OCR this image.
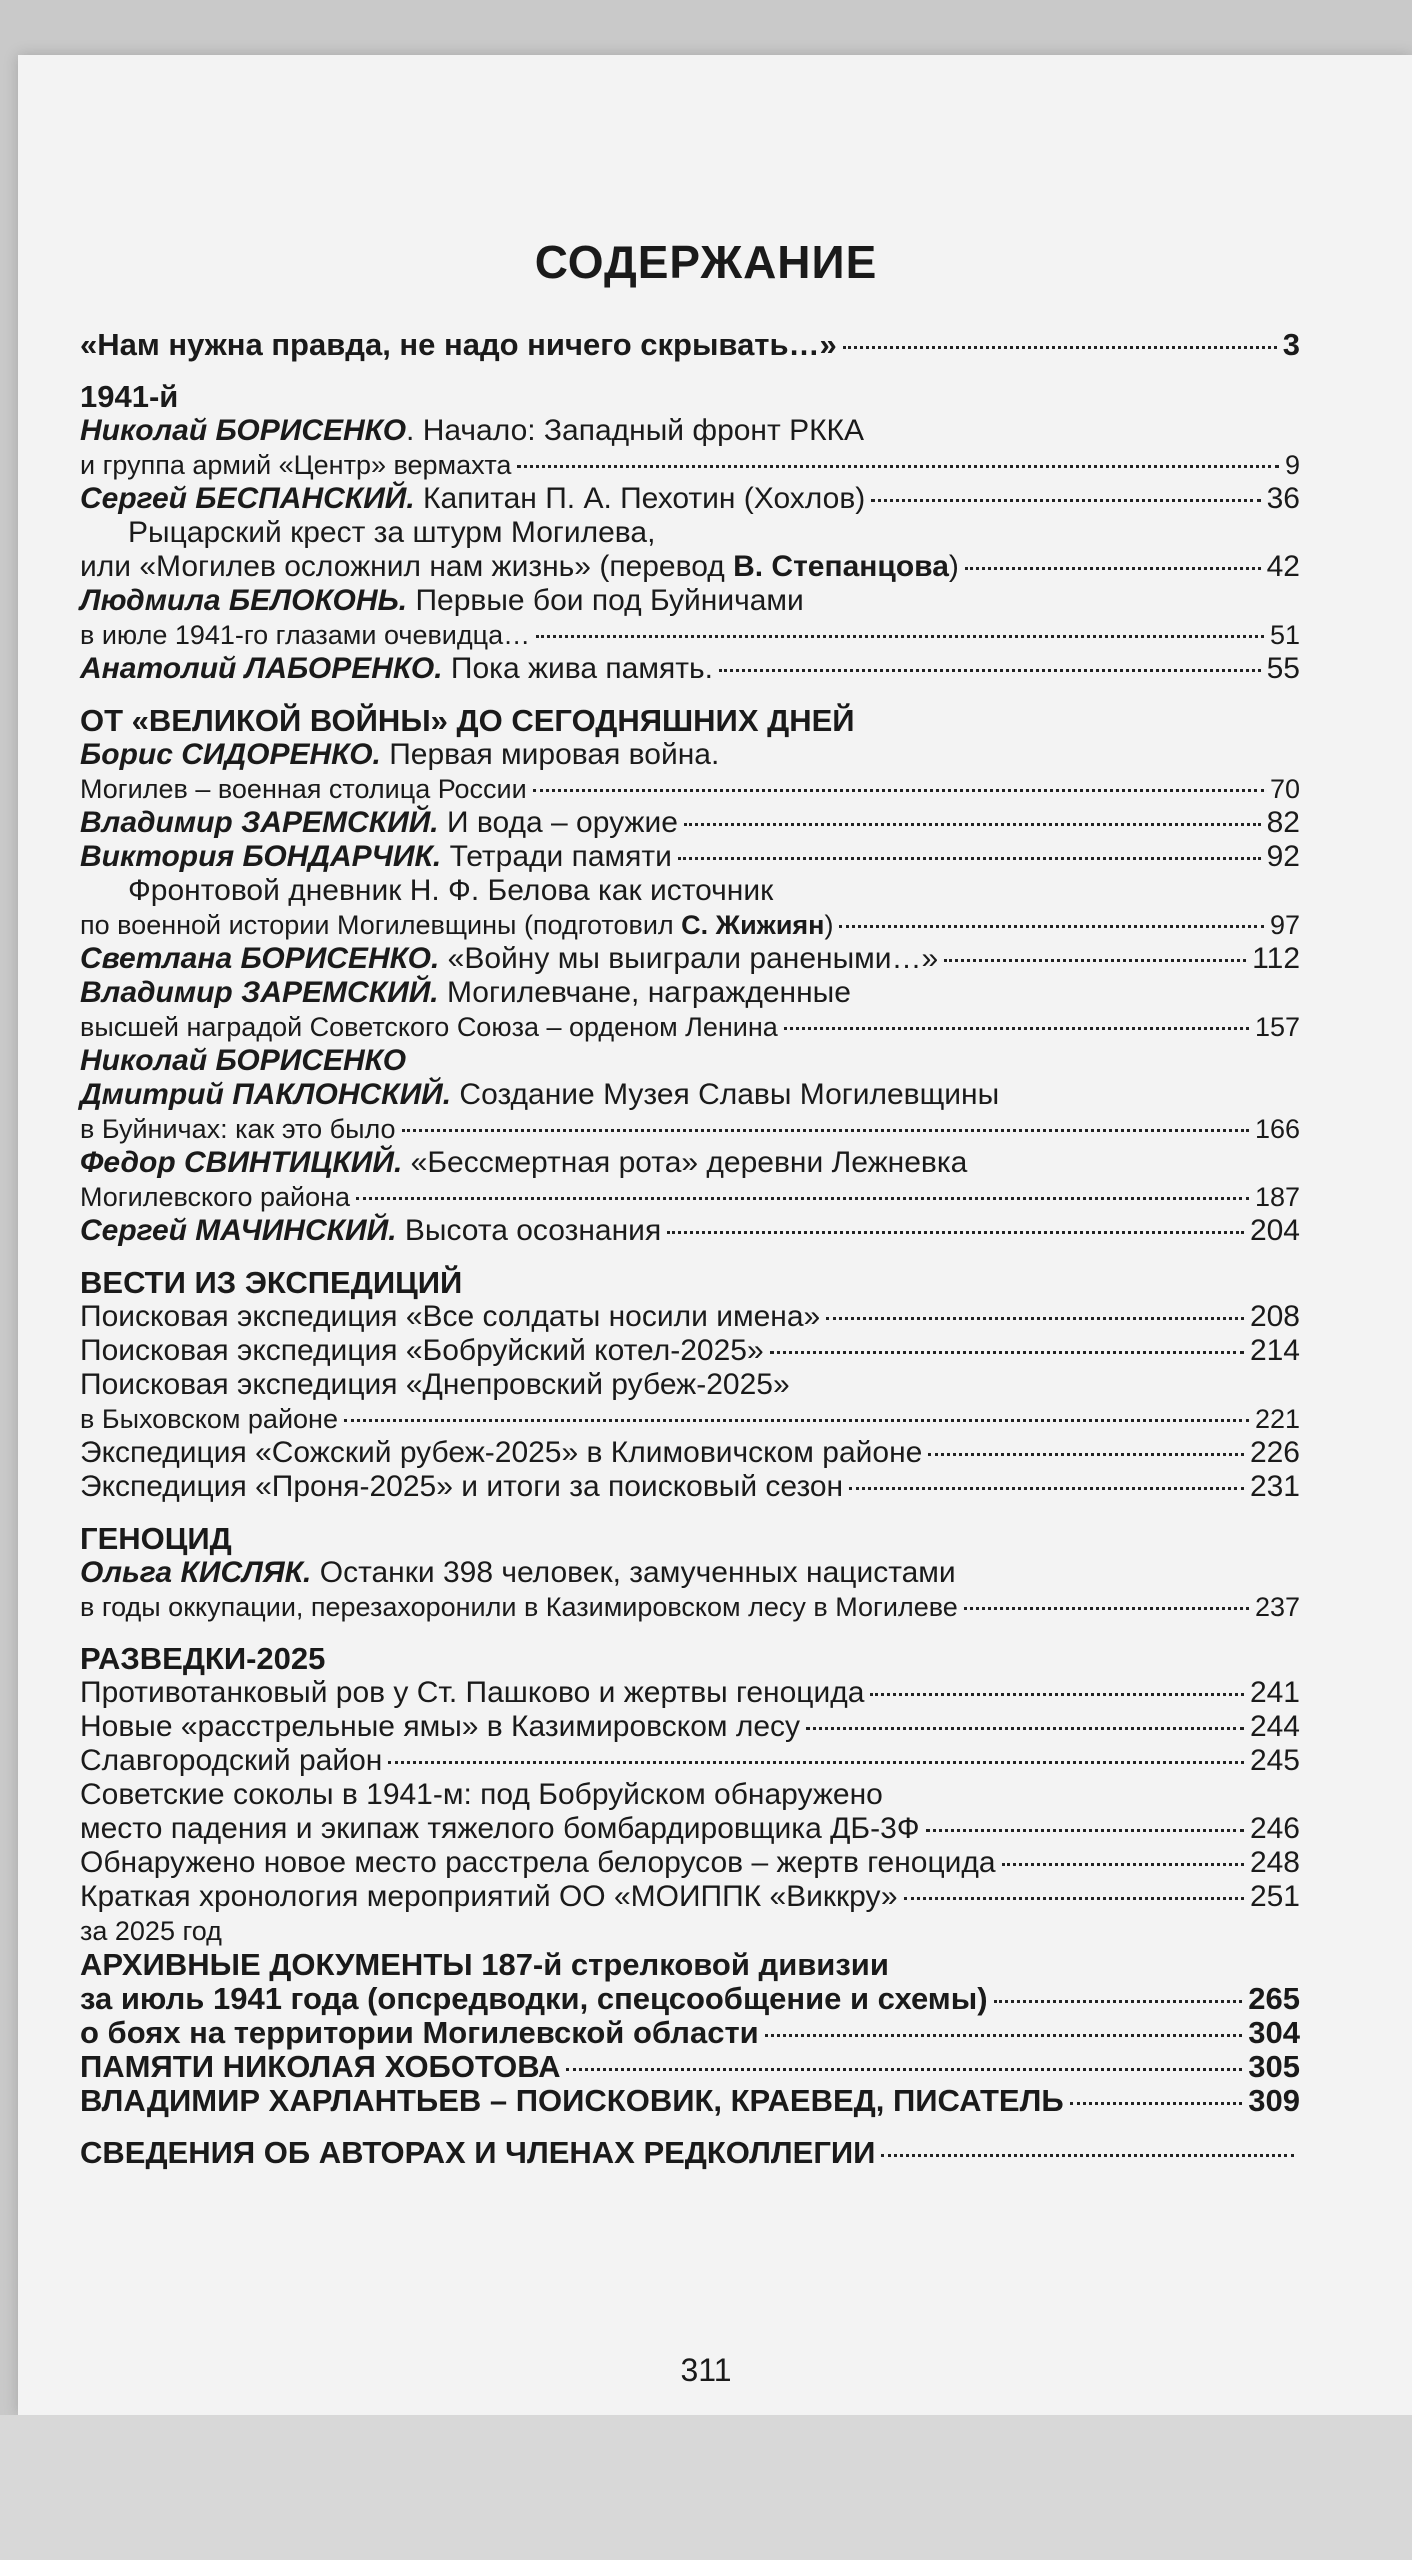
СОДЕРЖАНИЕ
«Нам нужна правда, не надо ничего скрывать…»	3
1941-й
Николай БОРИСЕНКО. Начало: Западный фронт РККА
и группа армий «Центр» вермахта	9
Сергей БЕСПАНСКИЙ. Капитан П. А. Пехотин (Хохлов)	36
Рыцарский крест за штурм Могилева,
или «Могилев осложнил нам жизнь» (перевод В. Степанцова)	42
Людмила БЕЛОКОНЬ. Первые бои под Буйничами
в июле 1941-го глазами очевидца…	51
Анатолий ЛАБОРЕНКО. Пока жива память.	55
ОТ «ВЕЛИКОЙ ВОЙНЫ» ДО СЕГОДНЯШНИХ ДНЕЙ
Борис СИДОРЕНКО. Первая мировая война.
Могилев – военная столица России	70
Владимир ЗАРЕМСКИЙ. И вода – оружие	82
Виктория БОНДАРЧИК. Тетради памяти	92
Фронтовой дневник Н. Ф. Белова как источник
по военной истории Могилевщины (подготовил С. Жижиян)	97
Светлана БОРИСЕНКО. «Войну мы выиграли ранеными…»	112
Владимир ЗАРЕМСКИЙ. Могилевчане, награжденные
высшей наградой Советского Союза – орденом Ленина	157
Николай БОРИСЕНКО
Дмитрий ПАКЛОНСКИЙ. Создание Музея Славы Могилевщины
в Буйничах: как это было	166
Федор СВИНТИЦКИЙ. «Бессмертная рота» деревни Лежневка
Могилевского района	187
Сергей МАЧИНСКИЙ. Высота осознания	204
ВЕСТИ ИЗ ЭКСПЕДИЦИЙ
Поисковая экспедиция «Все солдаты носили имена»	208
Поисковая экспедиция «Бобруйский котел-2025»	214
Поисковая экспедиция «Днепровский рубеж-2025»
в Быховском районе	221
Экспедиция «Сожский рубеж-2025» в Климовичском районе	226
Экспедиция «Проня-2025» и итоги за поисковый сезон	231
ГЕНОЦИД
Ольга КИСЛЯК. Останки 398 человек, замученных нацистами
в годы оккупации, перезахоронили в Казимировском лесу в Могилеве	237
РАЗВЕДКИ-2025
Противотанковый ров у Ст. Пашково и жертвы геноцида	241
Новые «расстрельные ямы» в Казимировском лесу	244
Славгородский район	245
Советские соколы в 1941-м: под Бобруйском обнаружено
место падения и экипаж тяжелого бомбардировщика ДБ-3Ф	246
Обнаружено новое место расстрела белорусов – жертв геноцида	248
Краткая хронология мероприятий ОО «МОИППК «Виккру»	251
за 2025 год
АРХИВНЫЕ ДОКУМЕНТЫ 187-й стрелковой дивизии
за июль 1941 года (опсредводки, спецсообщение и схемы)	265
о боях на территории Могилевской области	304
ПАМЯТИ НИКОЛАЯ ХОБОТОВА	305
ВЛАДИМИР ХАРЛАНТЬЕВ – ПОИСКОВИК, КРАЕВЕД, ПИСАТЕЛЬ	309
СВЕДЕНИЯ ОБ АВТОРАХ И ЧЛЕНАХ РЕДКОЛЛЕГИИ
311
